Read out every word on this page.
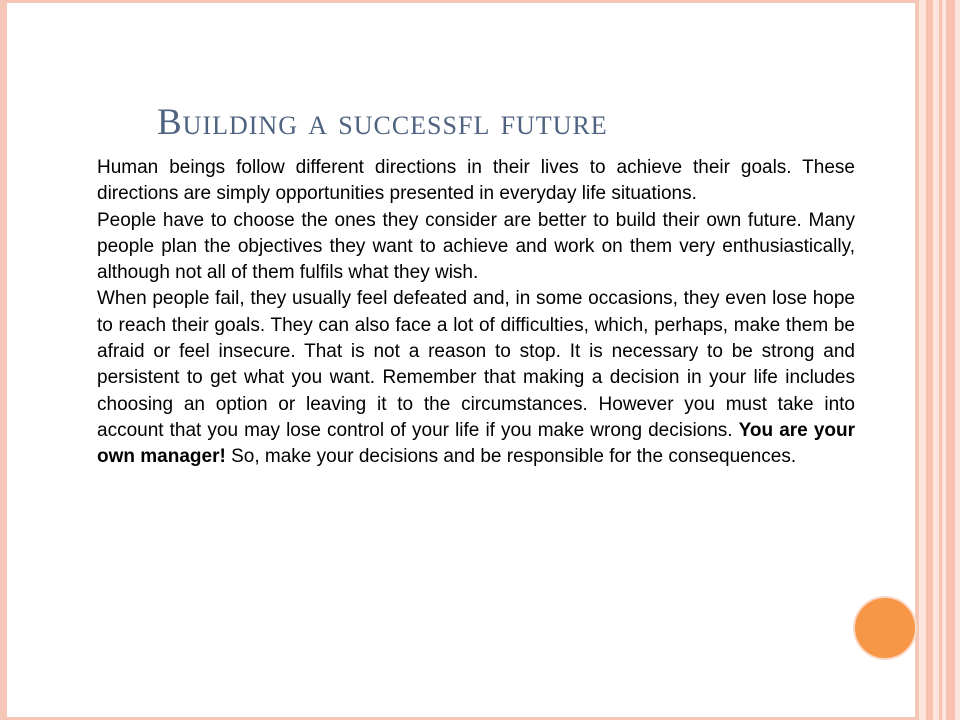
Building a successfl future

Human beings follow different directions in their lives to achieve their goals. These directions are simply opportunities presented in everyday life situations.

People have to choose the ones they consider are better to build their own future. Many people plan the objectives they want to achieve and work on them very enthusiastically, although not all of them fulfils what they wish.

When people fail, they usually feel defeated and, in some occasions, they even lose hope to reach their goals. They can also face a lot of difficulties, which, perhaps, make them be afraid or feel insecure. That is not a reason to stop. It is necessary to be strong and persistent to get what you want. Remember that making a decision in your life includes choosing an option or leaving it to the circumstances. However you must take into account that you may lose control of your life if you make wrong decisions. You are your own manager! So, make your decisions and be responsible for the consequences.
